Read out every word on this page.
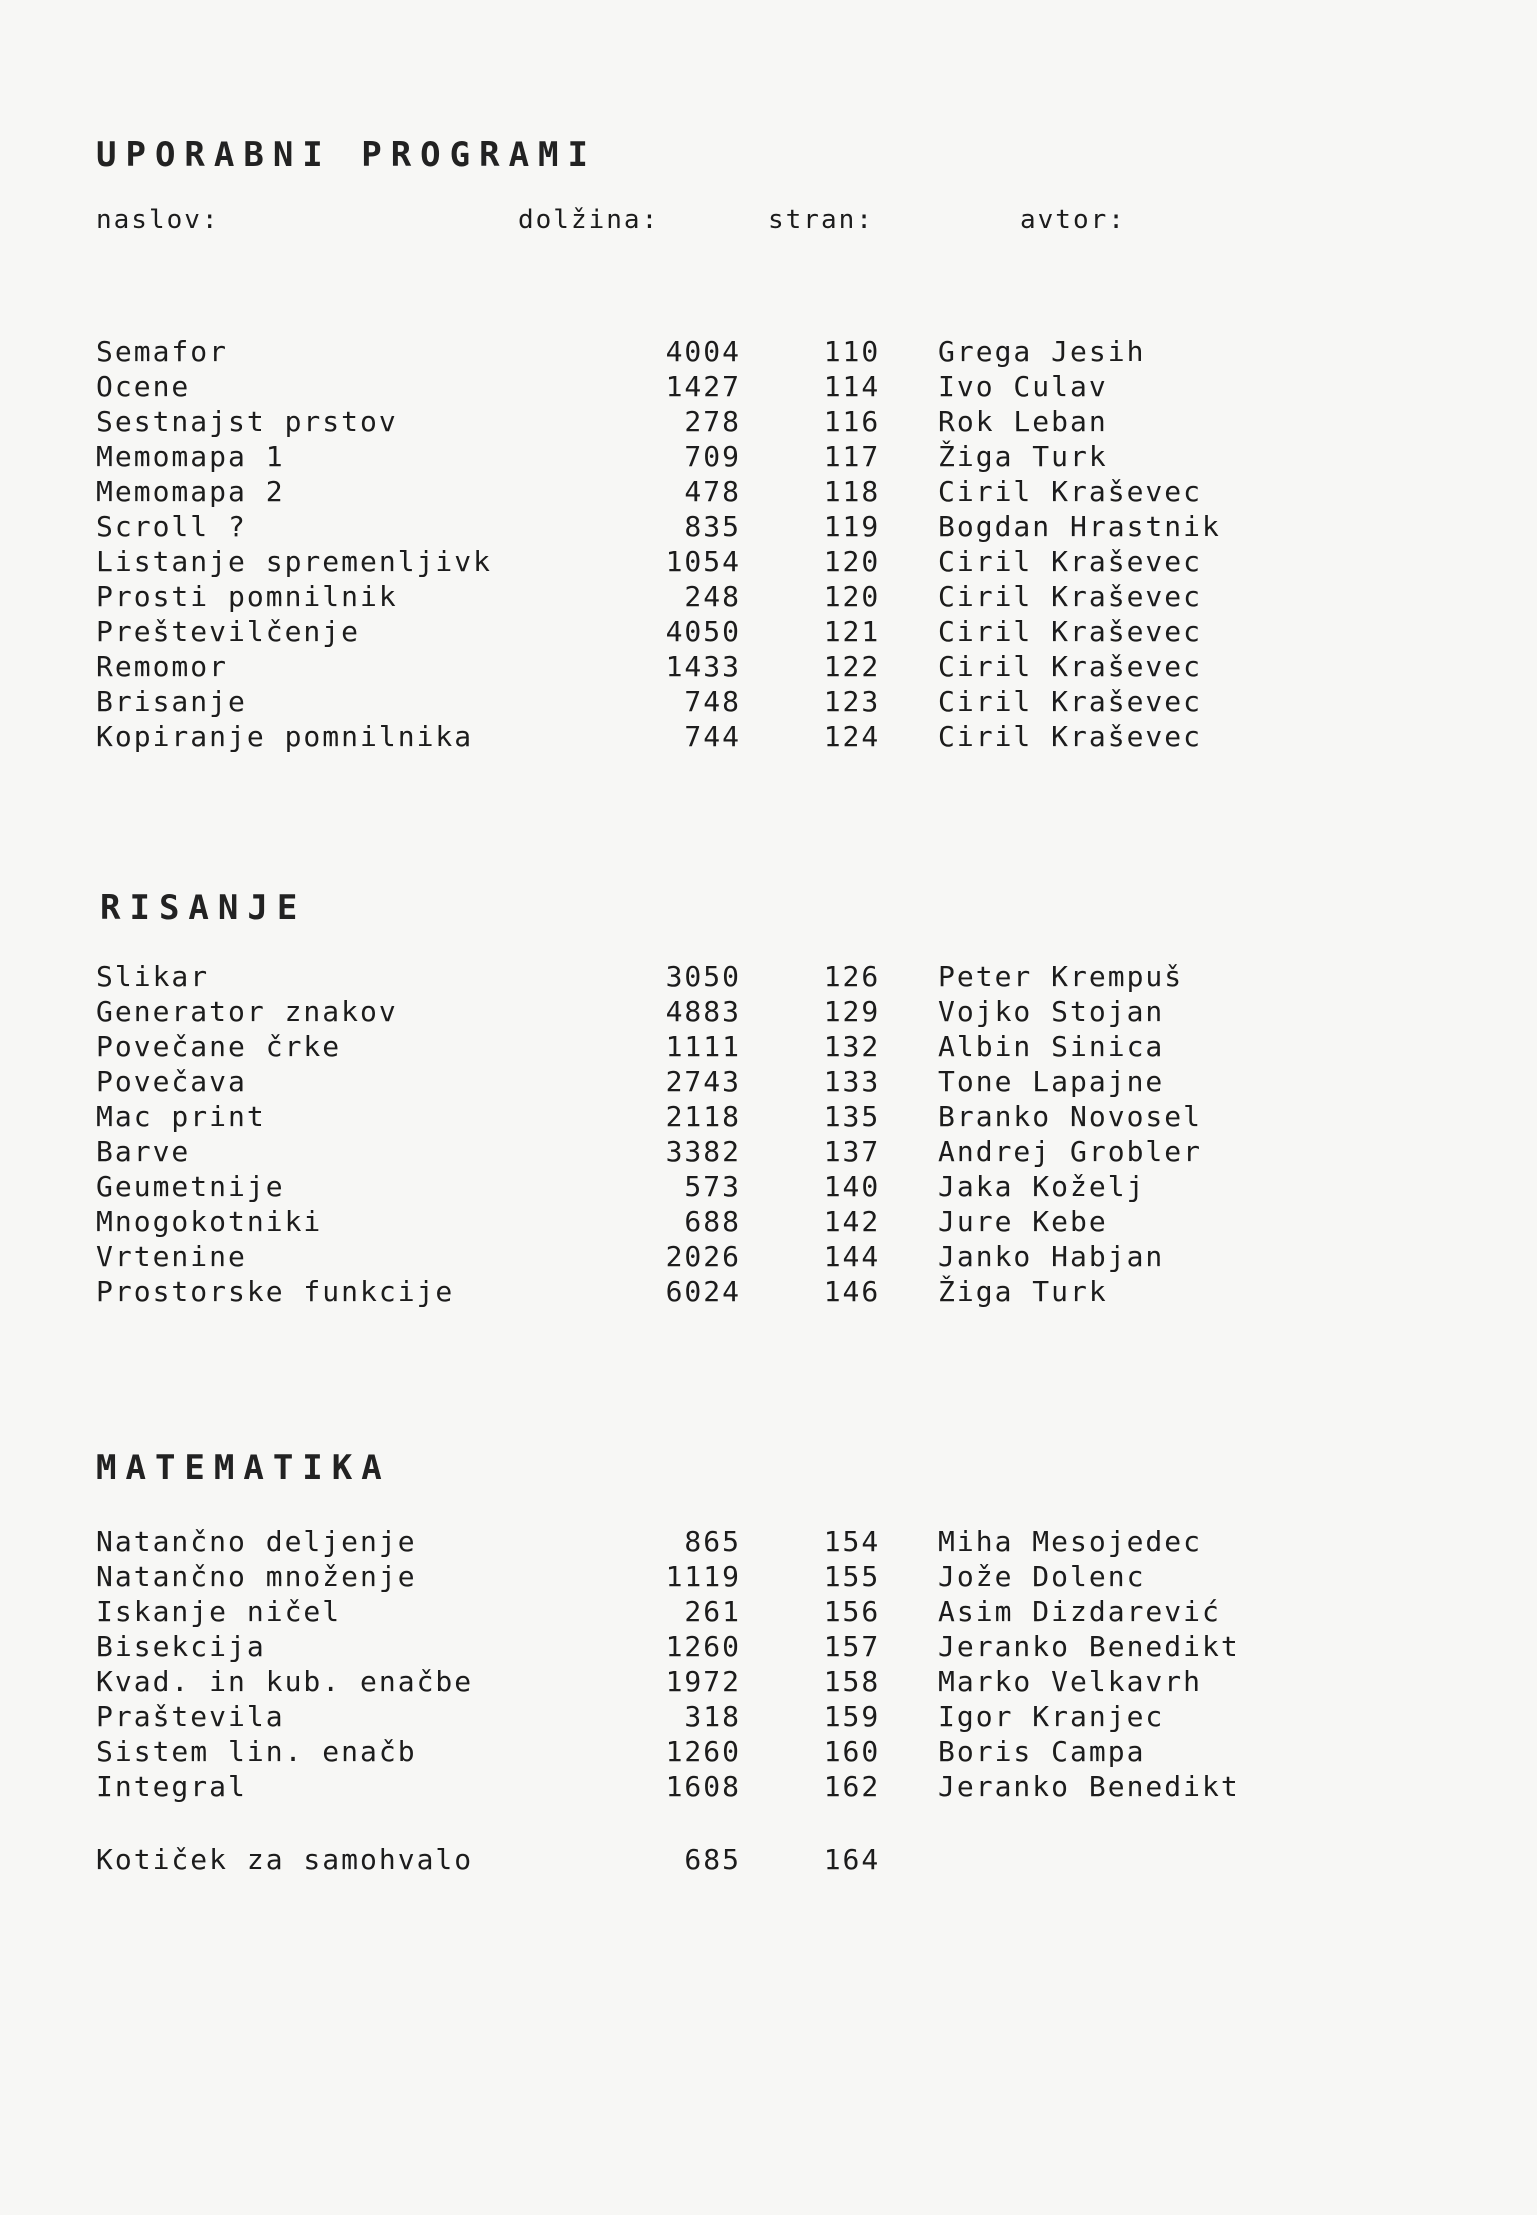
UPORABNI PROGRAMI
naslov:	dolžina:	stran:	avtor:
Semafor	4004	110	Grega Jesih
Ocene	1427	114	Ivo Culav
Sestnajst prstov	278	116	Rok Leban
Memomapa 1	709	117	Žiga Turk
Memomapa 2	478	118	Ciril Kraševec
Scroll ?	835	119	Bogdan Hrastnik
Listanje spremenljivk	1054	120	Ciril Kraševec
Prosti pomnilnik	248	120	Ciril Kraševec
Preštevilčenje	4050	121	Ciril Kraševec
Remomor	1433	122	Ciril Kraševec
Brisanje	748	123	Ciril Kraševec
Kopiranje pomnilnika	744	124	Ciril Kraševec
RISANJE
Slikar	3050	126	Peter Krempuš
Generator znakov	4883	129	Vojko Stojan
Povečane črke	1111	132	Albin Sinica
Povečava	2743	133	Tone Lapajne
Mac print	2118	135	Branko Novosel
Barve	3382	137	Andrej Grobler
Geumetnije	573	140	Jaka Koželj
Mnogokotniki	688	142	Jure Kebe
Vrtenine	2026	144	Janko Habjan
Prostorske funkcije	6024	146	Žiga Turk
MATEMATIKA
Natančno deljenje	865	154	Miha Mesojedec
Natančno množenje	1119	155	Jože Dolenc
Iskanje ničel	261	156	Asim Dizdarević
Bisekcija	1260	157	Jeranko Benedikt
Kvad. in kub. enačbe	1972	158	Marko Velkavrh
Praštevila	318	159	Igor Kranjec
Sistem lin. enačb	1260	160	Boris Campa
Integral	1608	162	Jeranko Benedikt
Kotiček za samohvalo	685	164
